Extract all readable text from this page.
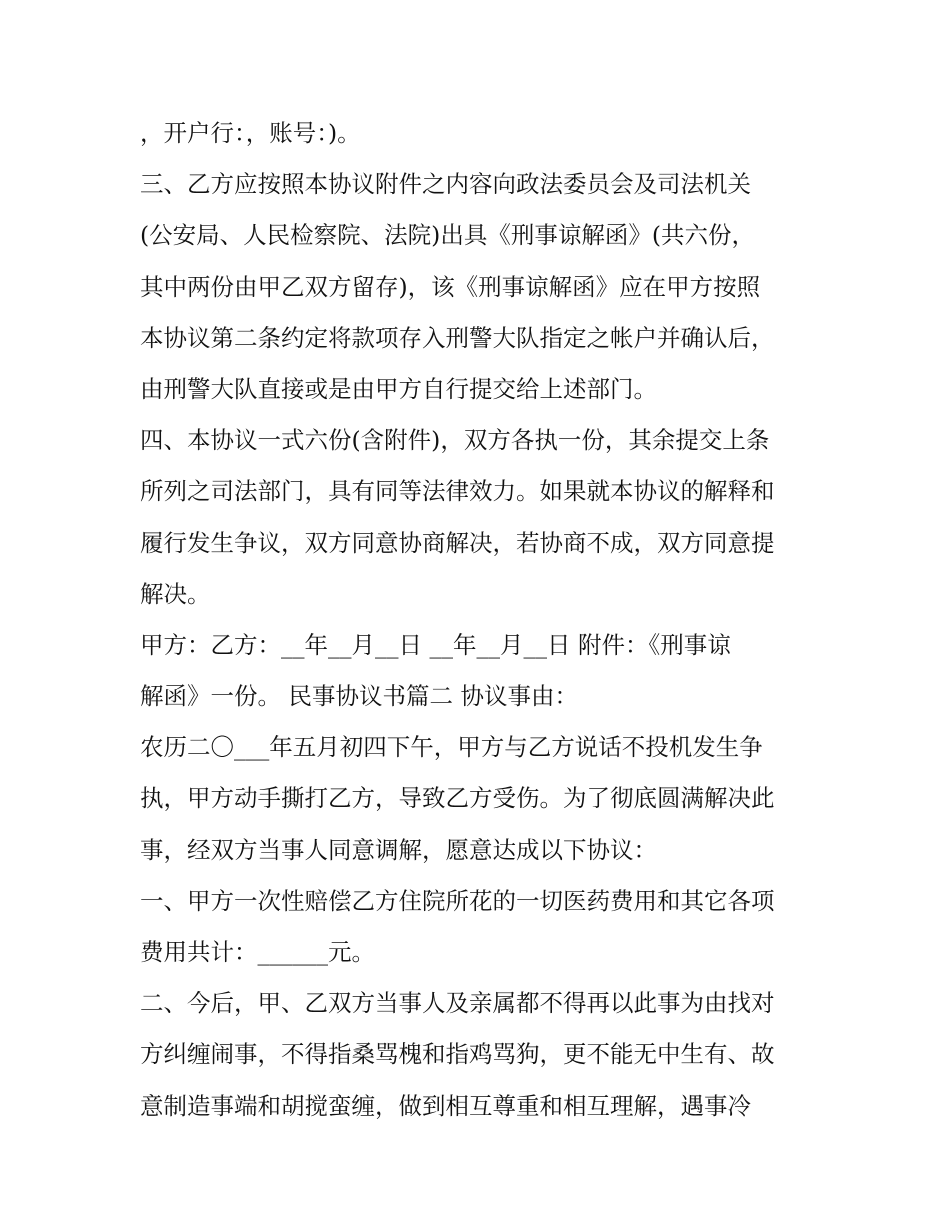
，开户行：，账号：)。
三、乙方应按照本协议附件之内容向政法委员会及司法机关
(公安局、人民检察院、法院)出具《刑事谅解函》(共六份，
其中两份由甲乙双方留存)，该《刑事谅解函》应在甲方按照
本协议第二条约定将款项存入刑警大队指定之帐户并确认后，
由刑警大队直接或是由甲方自行提交给上述部门。
四、本协议一式六份(含附件)，双方各执一份，其余提交上条
所列之司法部门，具有同等法律效力。如果就本协议的解释和
履行发生争议，双方同意协商解决，若协商不成，双方同意提
解决。
甲方：乙方：__年__月__日 __年__月__日 附件：《刑事谅
解函》一份。 民事协议书篇二 协议事由：
农历二〇___年五月初四下午，甲方与乙方说话不投机发生争
执，甲方动手撕打乙方，导致乙方受伤。为了彻底圆满解决此
事，经双方当事人同意调解，愿意达成以下协议：
一、甲方一次性赔偿乙方住院所花的一切医药费用和其它各项
费用共计：______元。
二、今后，甲、乙双方当事人及亲属都不得再以此事为由找对
方纠缠闹事，不得指桑骂槐和指鸡骂狗，更不能无中生有、故
意制造事端和胡搅蛮缠，做到相互尊重和相互理解，遇事冷
